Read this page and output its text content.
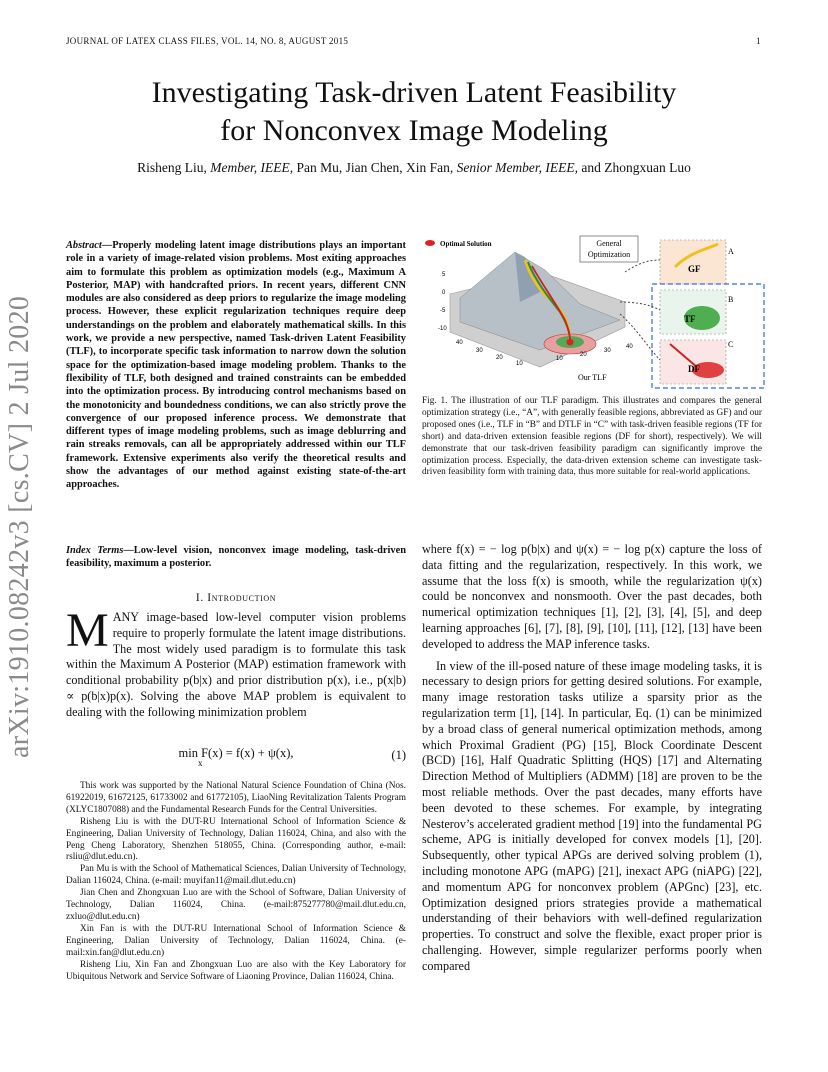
JOURNAL OF LATEX CLASS FILES, VOL. 14, NO. 8, AUGUST 2015	1
Investigating Task-driven Latent Feasibility
for Nonconvex Image Modeling
Risheng Liu, Member, IEEE, Pan Mu, Jian Chen, Xin Fan, Senior Member, IEEE, and Zhongxuan Luo
arXiv:1910.08242v3 [cs.CV] 2 Jul 2020
Abstract—Properly modeling latent image distributions plays an important role in a variety of image-related vision problems. Most exiting approaches aim to formulate this problem as optimization models (e.g., Maximum A Posterior, MAP) with handcrafted priors. In recent years, different CNN modules are also considered as deep priors to regularize the image modeling process. However, these explicit regularization techniques require deep understandings on the problem and elaborately mathematical skills. In this work, we provide a new perspective, named Task-driven Latent Feasibility (TLF), to incorporate specific task information to narrow down the solution space for the optimization-based image modeling problem. Thanks to the flexibility of TLF, both designed and trained constraints can be embedded into the optimization process. By introducing control mechanisms based on the monotonicity and boundedness conditions, we can also strictly prove the convergence of our proposed inference process. We demonstrate that different types of image modeling problems, such as image deblurring and rain streaks removals, can all be appropriately addressed within our TLF framework. Extensive experiments also verify the theoretical results and show the advantages of our method against existing state-of-the-art approaches.
Index Terms—Low-level vision, nonconvex image modeling, task-driven feasibility, maximum a posterior.
I. Introduction
MANY image-based low-level computer vision problems require to properly formulate the latent image distributions. The most widely used paradigm is to formulate this task within the Maximum A Posterior (MAP) estimation framework with conditional probability p(b|x) and prior distribution p(x), i.e., p(x|b) ∝ p(b|x)p(x). Solving the above MAP problem is equivalent to dealing with the following minimization problem
min F(x) = f(x) + ψ(x),
x
(1)

This work was supported by the National Natural Science Foundation of China (Nos. 61922019, 61672125, 61733002 and 61772105), LiaoNing Revitalization Talents Program (XLYC1807088) and the Fundamental Research Funds for the Central Universities.

Risheng Liu is with the DUT-RU International School of Information Science & Engineering, Dalian University of Technology, Dalian 116024, China, and also with the Peng Cheng Laboratory, Shenzhen 518055, China. (Corresponding author, e-mail: rsliu@dlut.edu.cn).

Pan Mu is with the School of Mathematical Sciences, Dalian University of Technology, Dalian 116024, China. (e-mail: muyifan11@mail.dlut.edu.cn)

Jian Chen and Zhongxuan Luo are with the School of Software, Dalian University of Technology, Dalian 116024, China. (e-mail:875277780@mail.dlut.edu.cn, zxluo@dlut.edu.cn)

Xin Fan is with the DUT-RU International School of Information Science & Engineering, Dalian University of Technology, Dalian 116024, China. (e-mail:xin.fan@dlut.edu.cn)

Risheng Liu, Xin Fan and Zhongxuan Luo are also with the Key Laboratory for Ubiquitous Network and Service Software of Liaoning Province, Dalian 116024, China.

5
0
-5
-10
40
30
20
10
10
20
30
40
Optimal Solution	General
Optimization
GF
A
TF
B
DF
C
Our TLF
Fig. 1. The illustration of our TLF paradigm. This illustrates and compares the general optimization strategy (i.e., “A”, with generally feasible regions, abbreviated as GF) and our proposed ones (i.e., TLF in “B” and DTLF in “C” with task-driven feasible regions (TF for short) and data-driven extension feasible regions (DF for short), respectively). We will demonstrate that our task-driven feasibility paradigm can significantly improve the optimization process. Especially, the data-driven extension scheme can investigate task-driven feasibility form with training data, thus more suitable for real-world applications.

where f(x) = − log p(b|x) and ψ(x) = − log p(x) capture the loss of data fitting and the regularization, respectively. In this work, we assume that the loss f(x) is smooth, while the regularization ψ(x) could be nonconvex and nonsmooth. Over the past decades, both numerical optimization techniques [1], [2], [3], [4], [5], and deep learning approaches [6], [7], [8], [9], [10], [11], [12], [13] have been developed to address the MAP inference tasks.

In view of the ill-posed nature of these image modeling tasks, it is necessary to design priors for getting desired solutions. For example, many image restoration tasks utilize a sparsity prior as the regularization term [1], [14]. In particular, Eq. (1) can be minimized by a broad class of general numerical optimization methods, among which Proximal Gradient (PG) [15], Block Coordinate Descent (BCD) [16], Half Quadratic Splitting (HQS) [17] and Alternating Direction Method of Multipliers (ADMM) [18] are proven to be the most reliable methods. Over the past decades, many efforts have been devoted to these schemes. For example, by integrating Nesterov’s accelerated gradient method [19] into the fundamental PG scheme, APG is initially developed for convex models [1], [20]. Subsequently, other typical APGs are derived solving problem (1), including monotone APG (mAPG) [21], inexact APG (niAPG) [22], and momentum APG for nonconvex problem (APGnc) [23], etc. Optimization designed priors strategies provide a mathematical understanding of their behaviors with well-defined regularization properties. To construct and solve the flexible, exact proper prior is challenging. However, simple regularizer performs poorly when compared
